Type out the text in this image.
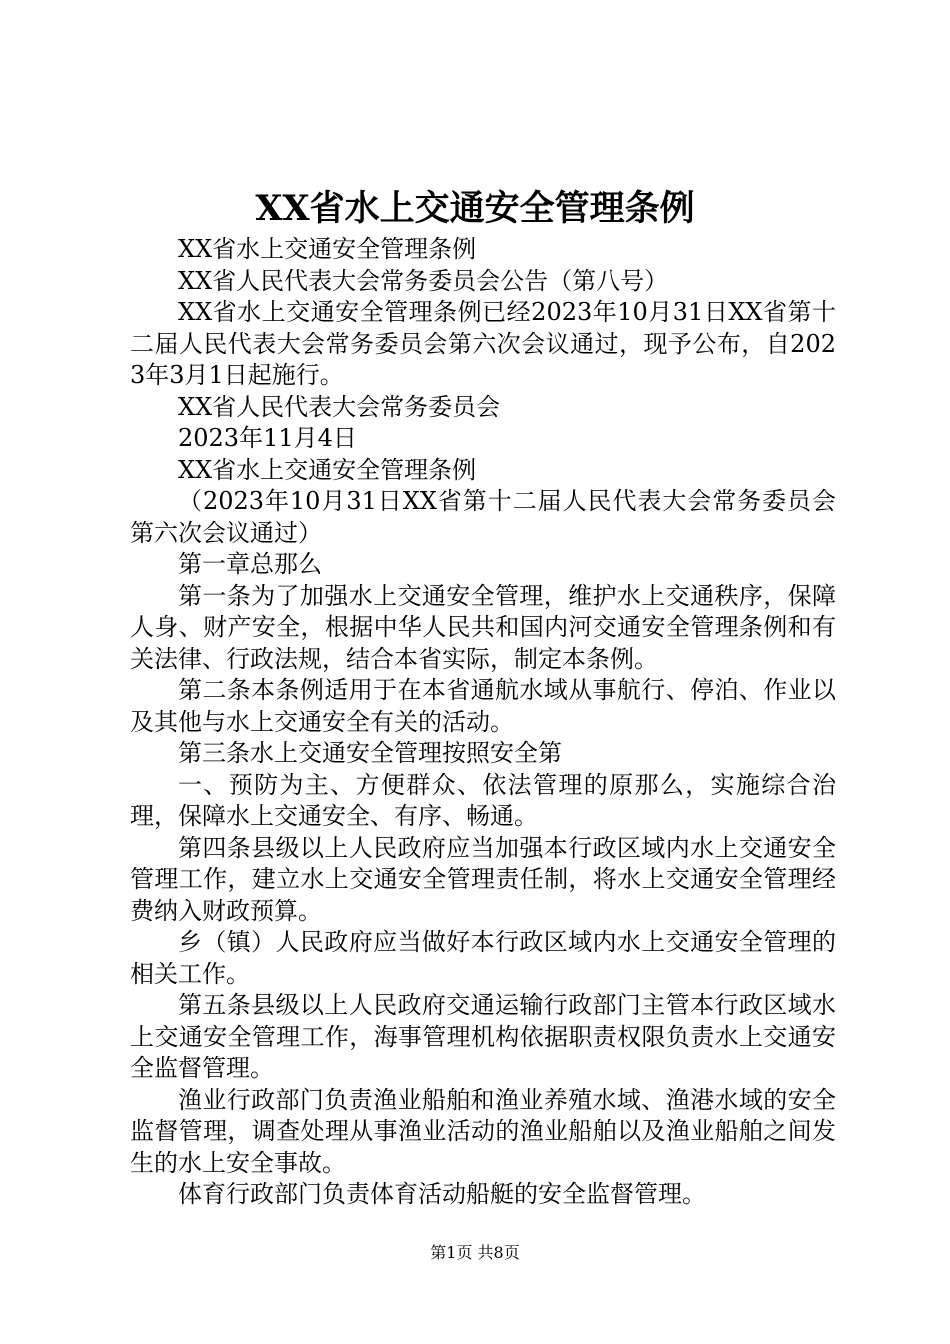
XX省水上交通安全管理条例

XX省水上交通安全管理条例

XX省人民代表大会常务委员会公告（第八号）

XX省水上交通安全管理条例已经2023年10月31日XX省第十二届人民代表大会常务委员会第六次会议通过，现予公布，自2023年3月1日起施行。

XX省人民代表大会常务委员会

2023年11月4日

XX省水上交通安全管理条例

（2023年10月31日XX省第十二届人民代表大会常务委员会第六次会议通过）

第一章总那么

第一条为了加强水上交通安全管理，维护水上交通秩序，保障人身、财产安全，根据中华人民共和国内河交通安全管理条例和有关法律、行政法规，结合本省实际，制定本条例。

第二条本条例适用于在本省通航水域从事航行、停泊、作业以及其他与水上交通安全有关的活动。

第三条水上交通安全管理按照安全第

一、预防为主、方便群众、依法管理的原那么，实施综合治理，保障水上交通安全、有序、畅通。

第四条县级以上人民政府应当加强本行政区域内水上交通安全管理工作，建立水上交通安全管理责任制，将水上交通安全管理经费纳入财政预算。

乡（镇）人民政府应当做好本行政区域内水上交通安全管理的相关工作。

第五条县级以上人民政府交通运输行政部门主管本行政区域水上交通安全管理工作，海事管理机构依据职责权限负责水上交通安全监督管理。

渔业行政部门负责渔业船舶和渔业养殖水域、渔港水域的安全监督管理，调查处理从事渔业活动的渔业船舶以及渔业船舶之间发生的水上安全事故。

体育行政部门负责体育活动船艇的安全监督管理。

第1页 共8页
